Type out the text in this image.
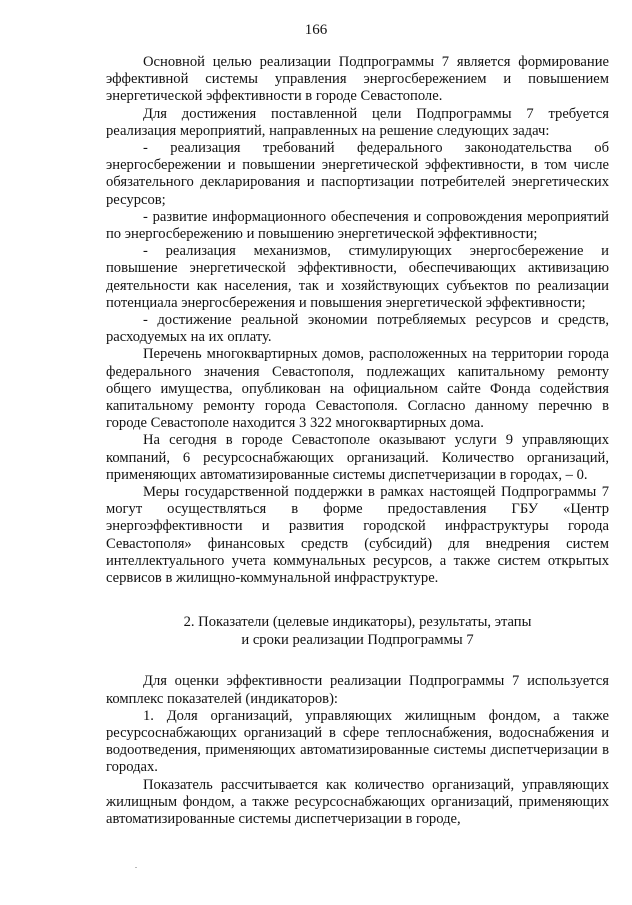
166

Основной целью реализации Подпрограммы 7 является формирование эффективной системы управления энергосбережением и повышением энергетической эффективности в городе Севастополе.

Для достижения поставленной цели Подпрограммы 7 требуется реализация мероприятий, направленных на решение следующих задач:

- реализация требований федерального законодательства об энергосбережении и повышении энергетической эффективности, в том числе обязательного декларирования и паспортизации потребителей энергетических ресурсов;

- развитие информационного обеспечения и сопровождения мероприятий по энергосбережению и повышению энергетической эффективности;

- реализация механизмов, стимулирующих энергосбережение и повышение энергетической эффективности, обеспечивающих активизацию деятельности как населения, так и хозяйствующих субъектов по реализации потенциала энергосбережения и повышения энергетической эффективности;

- достижение реальной экономии потребляемых ресурсов и средств, расходуемых на их оплату.

Перечень многоквартирных домов, расположенных на территории города федерального значения Севастополя, подлежащих капитальному ремонту общего имущества, опубликован на официальном сайте Фонда содействия капитальному ремонту города Севастополя. Согласно данному перечню в городе Севастополе находится 3 322 многоквартирных дома.

На сегодня в городе Севастополе оказывают услуги 9 управляющих компаний, 6 ресурсоснабжающих организаций. Количество организаций, применяющих автоматизированные системы диспетчеризации в городах, – 0.

Меры государственной поддержки в рамках настоящей Подпрограммы 7 могут осуществляться в форме предоставления ГБУ «Центр энергоэффективности и развития городской инфраструктуры города Севастополя» финансовых средств (субсидий) для внедрения систем интеллектуального учета коммунальных ресурсов, а также систем открытых сервисов в жилищно-коммунальной инфраструктуре.

2. Показатели (целевые индикаторы), результаты, этапы
и сроки реализации Подпрограммы 7

Для оценки эффективности реализации Подпрограммы 7 используется комплекс показателей (индикаторов):

1. Доля организаций, управляющих жилищным фондом, а также ресурсоснабжающих организаций в сфере теплоснабжения, водоснабжения и водоотведения, применяющих автоматизированные системы диспетчеризации в городах.

Показатель рассчитывается как количество организаций, управляющих жилищным фондом, а также ресурсоснабжающих организаций, применяющих автоматизированные системы диспетчеризации в городе,

.
